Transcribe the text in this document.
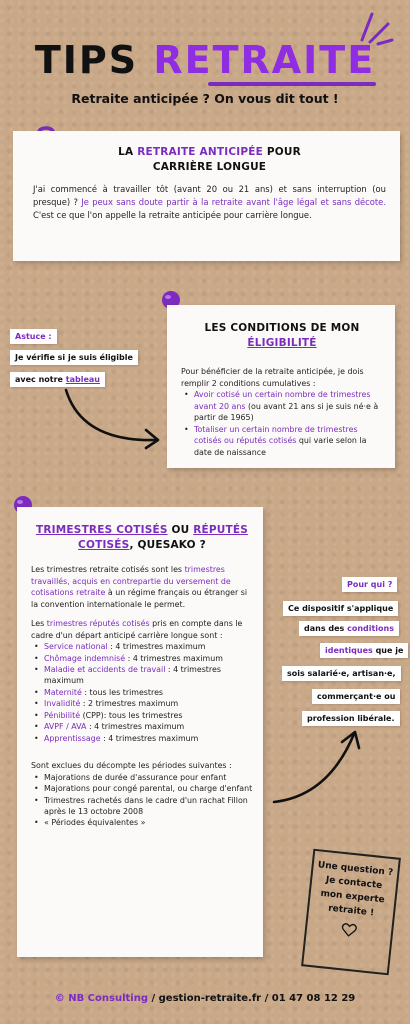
TIPS RETRAITE
Retraite anticipée ? On vous dit tout !
LA RETRAITE ANTICIPÉE POUR
CARRIÈRE LONGUE
J'ai commencé à travailler tôt (avant 20 ou 21 ans) et sans interruption (ou presque) ? Je peux sans doute partir à la retraite avant l'âge légal et sans décote. C'est ce que l'on appelle la retraite anticipée pour carrière longue.
Astuce :
Je vérifie si je suis éligible
avec notre tableau
LES CONDITIONS DE MON ÉLIGIBILITÉ
Pour bénéficier de la retraite anticipée, je dois remplir 2 conditions cumulatives :
• Avoir cotisé un certain nombre de trimestres avant 20 ans (ou avant 21 ans si je suis né·e à partir de 1965)
• Totaliser un certain nombre de trimestres cotisés ou réputés cotisés qui varie selon la date de naissance
TRIMESTRES COTISÉS OU RÉPUTÉS
COTISÉS, QUESAKO ?
Les trimestres retraite cotisés sont les trimestres travaillés, acquis en contrepartie du versement de cotisations retraite à un régime français ou étranger si la convention internationale le permet.
Les trimestres réputés cotisés pris en compte dans le cadre d'un départ anticipé carrière longue sont :
• Service national : 4 trimestres maximum
• Chômage indemnisé : 4 trimestres maximum
• Maladie et accidents de travail : 4 trimestres maximum
• Maternité : tous les trimestres
• Invalidité : 2 trimestres maximum
• Pénibilité (CPP): tous les trimestres
• AVPF / AVA : 4 trimestres maximum
• Apprentissage : 4 trimestres maximum
Sont exclues du décompte les périodes suivantes :
• Majorations de durée d'assurance pour enfant
• Majorations pour congé parental, ou charge d'enfant
• Trimestres rachetés dans le cadre d'un rachat Fillon après le 13 octobre 2008
• « Périodes équivalentes »
Pour qui ?
Ce dispositif s'applique
dans des conditions
identiques que je
sois salarié·e, artisan·e,
commerçant·e ou
profession libérale.
Une question ?
Je contacte
mon experte
retraite !
© NB Consulting / gestion-retraite.fr / 01 47 08 12 29
